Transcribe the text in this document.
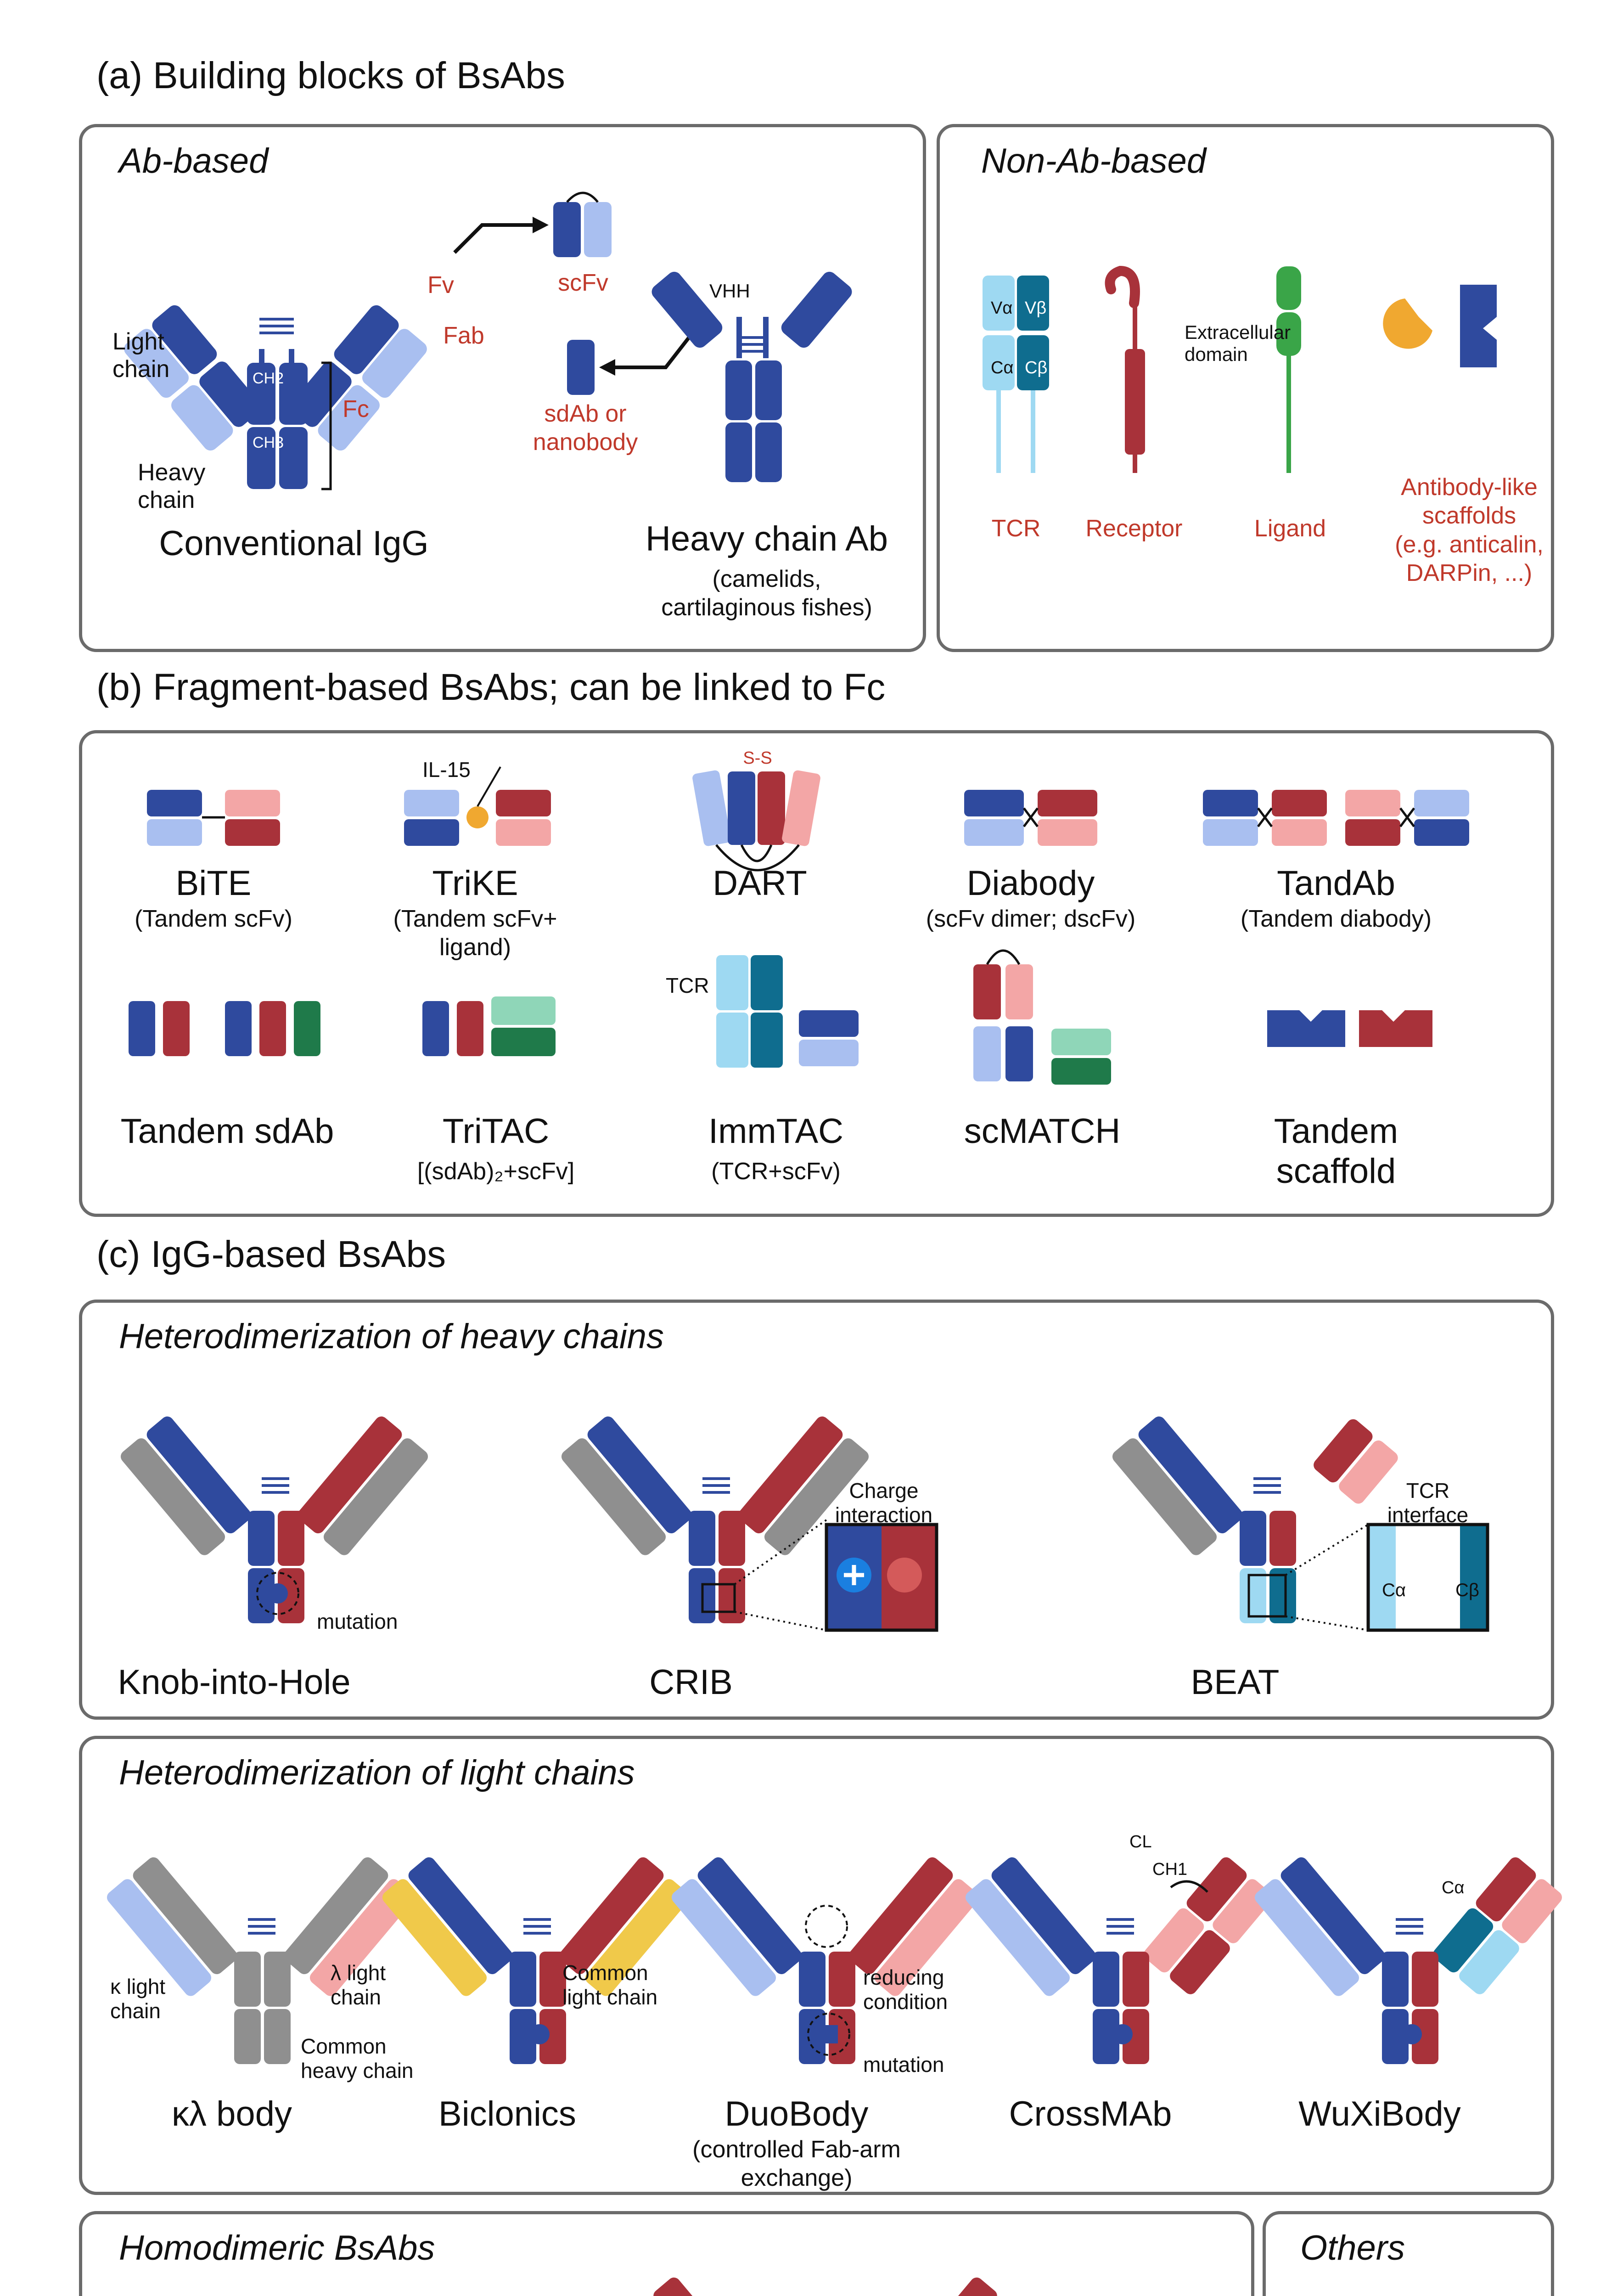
(a) Building blocks of BsAbs
Ab-based	Non-Ab-based
VH
VL
CH1
CL
CH2
CH3
Light
chain
Heavy
chain
Fv
Fab
Fc
Conventional IgG
scFv
sdAb or
nanobody
VHH
Heavy chain Ab
(camelids,
cartilaginous fishes)
Vα Vβ
Cα Cβ
Extracellular
domain
TCR Receptor	Ligand
Antibody-like
scaffolds
(e.g. anticalin,
DARPin, ...)
(b) Fragment-based BsAbs; can be linked to Fc
IL-15	S-S
TCR
BiTE
(Tandem scFv)
TriKE
(Tandem scFv+
ligand)
DART	Diabody
(scFv dimer; dscFv)
TandAb
(Tandem diabody)
Tandem sdAb	TriTAC
[(sdAb)₂+scFv]
ImmTAC
(TCR+scFv)
scMATCH	Tandem
scaffold
(c) IgG-based BsAbs
Heterodimerization of heavy chains
mutation
Charge
interaction
TCR
interface
Cα	Cβ
Knob-into-Hole	CRIB	BEAT
Heterodimerization of light chains
κ light
chain
λ light
chain
Common
heavy chain
Common
light chain
reducing
condition
mutation
CL
CH1	Cβ
Cα
κλ body	Biclonics	DuoBody
(controlled Fab-arm
exchange)
CrossMAb	WuXiBody
Homodimeric BsAbs	Others
